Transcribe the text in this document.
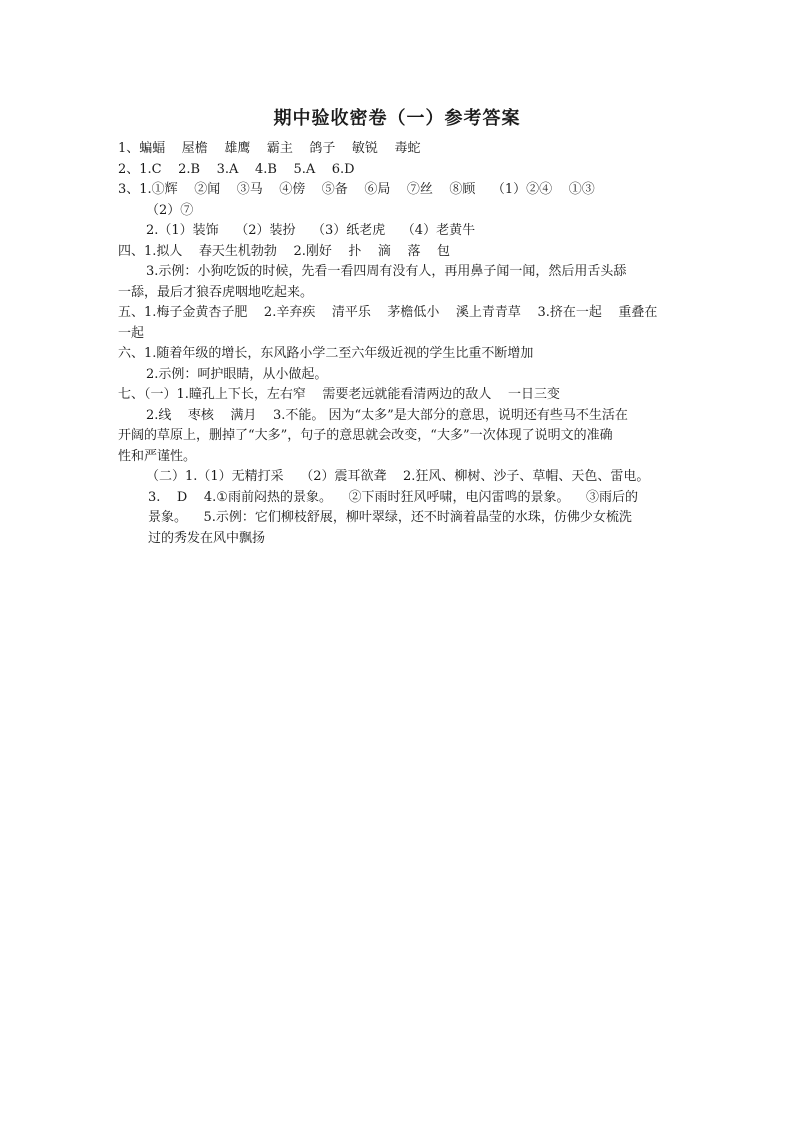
期中验收密卷（一）参考答案
1、蝙蝠    屋檐    雄鹰    霸主    鸽子    敏锐    毒蛇
2、1.C    2.B    3.A    4.B    5.A    6.D
3、1.①辉    ②闻    ③马    ④傍    ⑤备    ⑥局    ⑦丝    ⑧顾    （1）②④    ①③
（2）⑦
2.（1）装饰    （2）装扮    （3）纸老虎    （4）老黄牛
四、1.拟人    春天生机勃勃    2.刚好    扑    滴    落    包
3.示例：小狗吃饭的时候，先看一看四周有没有人，再用鼻子闻一闻，然后用舌头舔
一舔，最后才狼吞虎咽地吃起来。
五、1.梅子金黄杏子肥    2.辛弃疾    清平乐    茅檐低小    溪上青青草    3.挤在一起    重叠在
一起
六、1.随着年级的增长，东风路小学二至六年级近视的学生比重不断增加
2.示例：呵护眼睛，从小做起。
七、（一）1.瞳孔上下长，左右窄    需要老远就能看清两边的敌人    一日三变
2.线    枣核    满月    3.不能。 因为“太多”是大部分的意思，说明还有些马不生活在
开阔的草原上，删掉了“大多”，句子的意思就会改变，“大多”一次体现了说明文的准确
性和严谨性。
（二）1.（1）无精打采    （2）震耳欲聋    2.狂风、柳树、沙子、草帽、天色、雷电。
3.    D    4.①雨前闷热的景象。    ②下雨时狂风呼啸，电闪雷鸣的景象。    ③雨后的
景象。    5.示例：它们柳枝舒展，柳叶翠绿，还不时滴着晶莹的水珠，仿佛少女梳洗
过的秀发在风中飘扬
